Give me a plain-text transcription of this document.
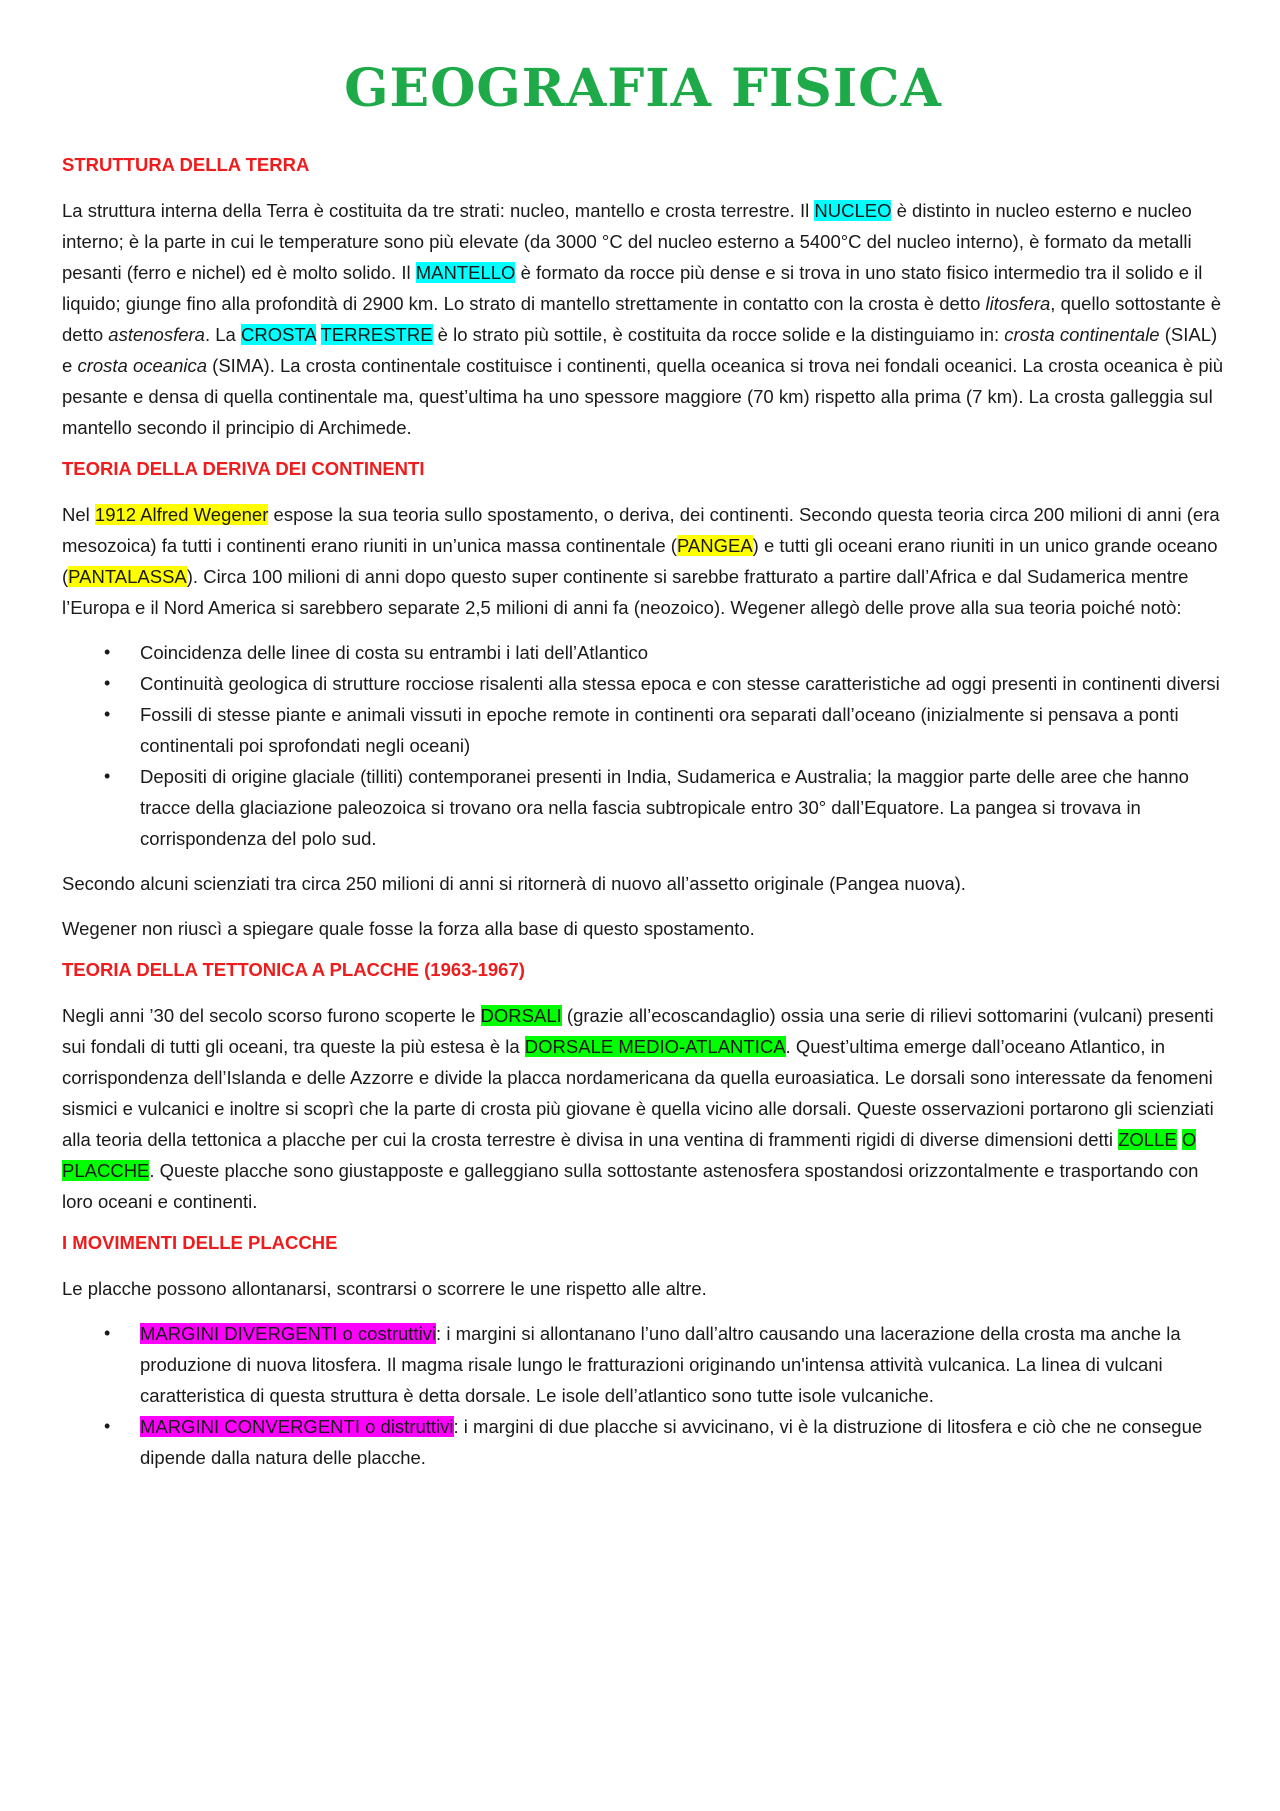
GEOGRAFIA FISICA
STRUTTURA DELLA TERRA

La struttura interna della Terra è costituita da tre strati: nucleo, mantello e crosta terrestre. Il NUCLEO è distinto in nucleo esterno e nucleo interno; è la parte in cui le temperature sono più elevate (da 3000 °C del nucleo esterno a 5400°C del nucleo interno), è formato da metalli pesanti (ferro e nichel) ed è molto solido. Il MANTELLO è formato da rocce più dense e si trova in uno stato fisico intermedio tra il solido e il liquido; giunge fino alla profondità di 2900 km. Lo strato di mantello strettamente in contatto con la crosta è detto litosfera, quello sottostante è detto astenosfera. La CROSTA TERRESTRE è lo strato più sottile, è costituita da rocce solide e la distinguiamo in: crosta continentale (SIAL) e crosta oceanica (SIMA). La crosta continentale costituisce i continenti, quella oceanica si trova nei fondali oceanici. La crosta oceanica è più pesante e densa di quella continentale ma, quest’ultima ha uno spessore maggiore (70 km) rispetto alla prima (7 km). La crosta galleggia sul mantello secondo il principio di Archimede.

TEORIA DELLA DERIVA DEI CONTINENTI

Nel 1912 Alfred Wegener espose la sua teoria sullo spostamento, o deriva, dei continenti. Secondo questa teoria circa 200 milioni di anni (era mesozoica) fa tutti i continenti erano riuniti in un’unica massa continentale (PANGEA) e tutti gli oceani erano riuniti in un unico grande oceano (PANTALASSA). Circa 100 milioni di anni dopo questo super continente si sarebbe fratturato a partire dall’Africa e dal Sudamerica mentre l’Europa e il Nord America si sarebbero separate 2,5 milioni di anni fa (neozoico). Wegener allegò delle prove alla sua teoria poiché notò:

• Coincidenza delle linee di costa su entrambi i lati dell’Atlantico
• Continuità geologica di strutture rocciose risalenti alla stessa epoca e con stesse caratteristiche ad oggi presenti in continenti diversi
• Fossili di stesse piante e animali vissuti in epoche remote in continenti ora separati dall’oceano (inizialmente si pensava a ponti continentali poi sprofondati negli oceani)
• Depositi di origine glaciale (tilliti) contemporanei presenti in India, Sudamerica e Australia; la maggior parte delle aree che hanno tracce della glaciazione paleozoica si trovano ora nella fascia subtropicale entro 30° dall’Equatore. La pangea si trovava in corrispondenza del polo sud.

Secondo alcuni scienziati tra circa 250 milioni di anni si ritornerà di nuovo all’assetto originale (Pangea nuova).

Wegener non riuscì a spiegare quale fosse la forza alla base di questo spostamento.

TEORIA DELLA TETTONICA A PLACCHE (1963-1967)

Negli anni ’30 del secolo scorso furono scoperte le DORSALI (grazie all’ecoscandaglio) ossia una serie di rilievi sottomarini (vulcani) presenti sui fondali di tutti gli oceani, tra queste la più estesa è la DORSALE MEDIO-ATLANTICA. Quest’ultima emerge dall’oceano Atlantico, in corrispondenza dell’Islanda e delle Azzorre e divide la placca nordamericana da quella euroasiatica. Le dorsali sono interessate da fenomeni sismici e vulcanici e inoltre si scoprì che la parte di crosta più giovane è quella vicino alle dorsali. Queste osservazioni portarono gli scienziati alla teoria della tettonica a placche per cui la crosta terrestre è divisa in una ventina di frammenti rigidi di diverse dimensioni detti ZOLLE O PLACCHE. Queste placche sono giustapposte e galleggiano sulla sottostante astenosfera spostandosi orizzontalmente e trasportando con loro oceani e continenti.

I MOVIMENTI DELLE PLACCHE

Le placche possono allontanarsi, scontrarsi o scorrere le une rispetto alle altre.

• MARGINI DIVERGENTI o costruttivi: i margini si allontanano l’uno dall’altro causando una lacerazione della crosta ma anche la produzione di nuova litosfera. Il magma risale lungo le fratturazioni originando un'intensa attività vulcanica. La linea di vulcani caratteristica di questa struttura è detta dorsale. Le isole dell’atlantico sono tutte isole vulcaniche.
• MARGINI CONVERGENTI o distruttivi: i margini di due placche si avvicinano, vi è la distruzione di litosfera e ciò che ne consegue dipende dalla natura delle placche.
